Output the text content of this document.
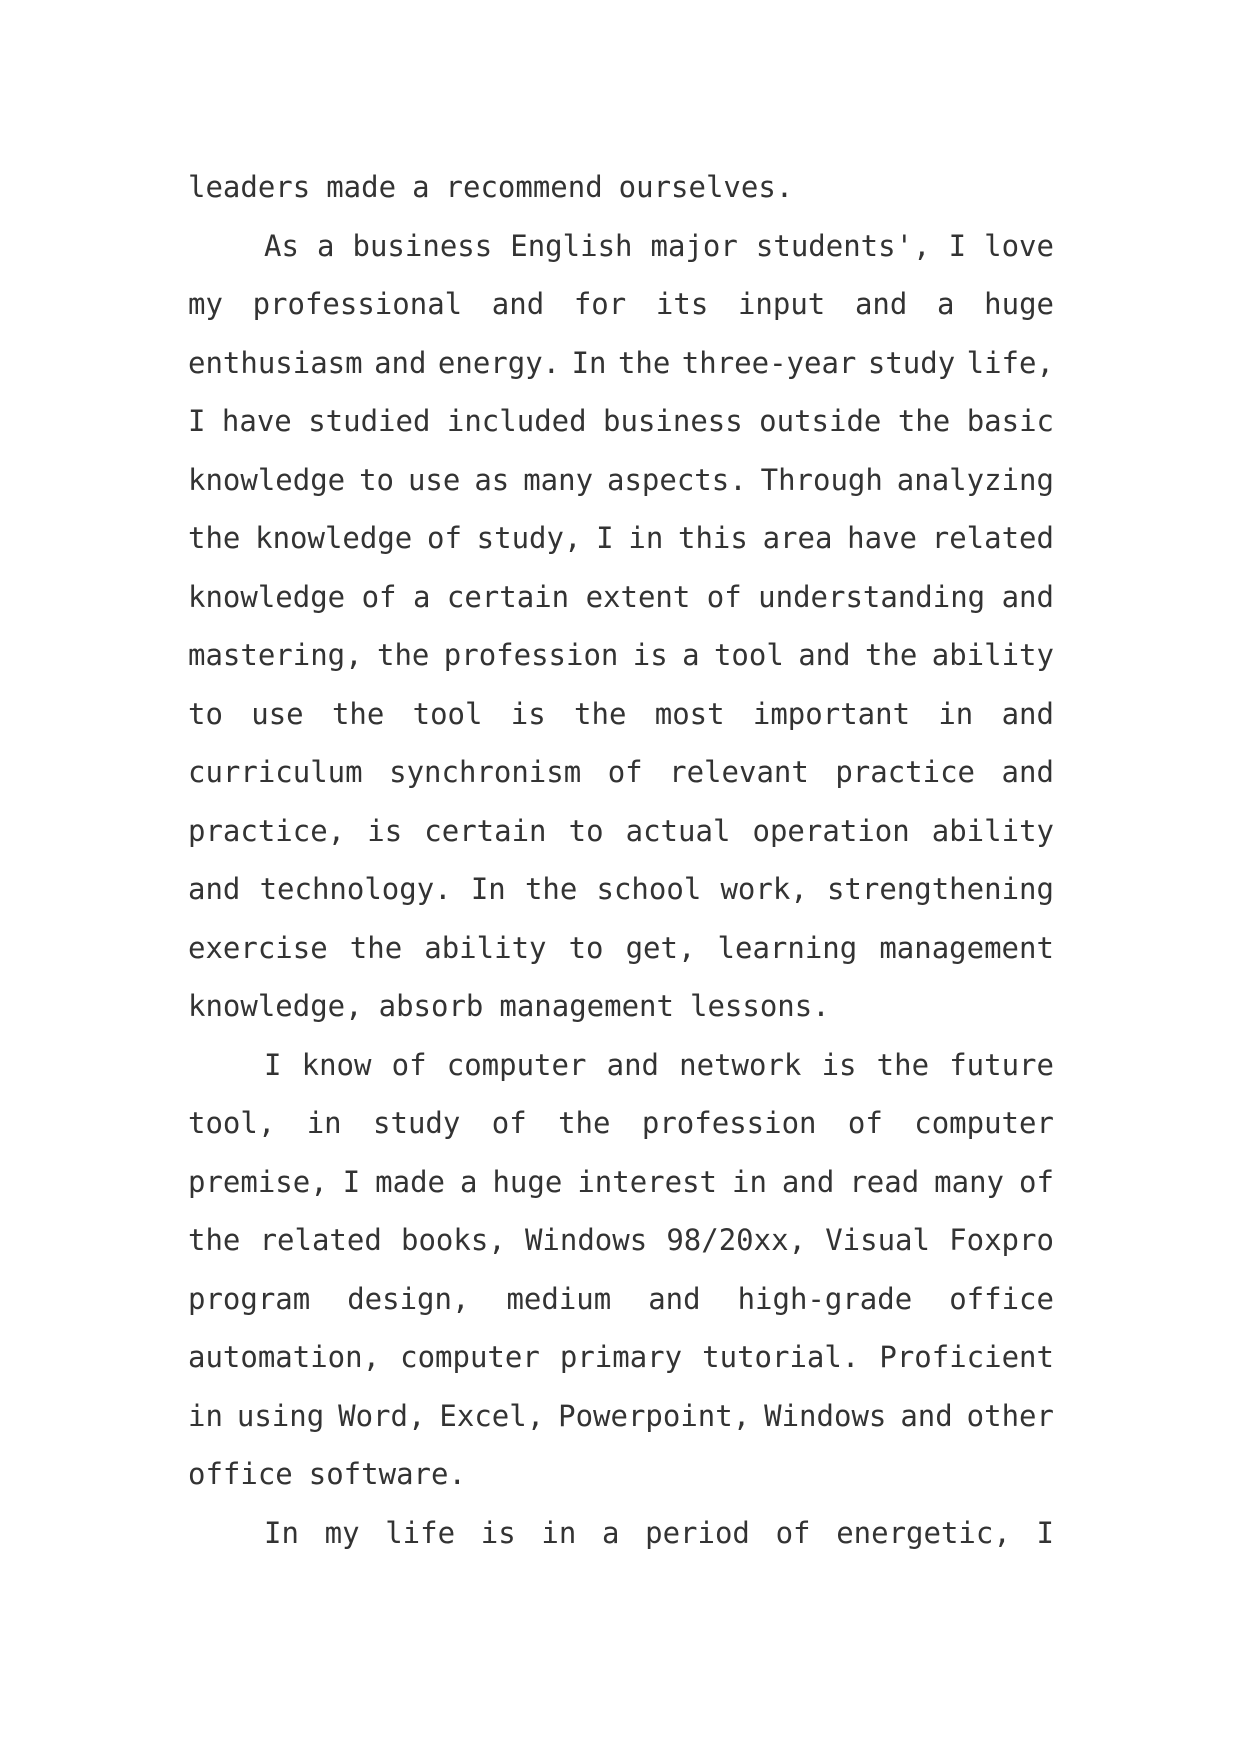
leaders made a recommend ourselves.
As a business English major students', I love
my professional and for its input and a huge
enthusiasm and energy. In the three-year study life,
I have studied included business outside the basic
knowledge to use as many aspects. Through analyzing
the knowledge of study, I in this area have related
knowledge of a certain extent of understanding and
mastering, the profession is a tool and the ability
to use the tool is the most important in and
curriculum synchronism of relevant practice and
practice, is certain to actual operation ability
and technology. In the school work, strengthening
exercise the ability to get, learning management
knowledge, absorb management lessons.
I know of computer and network is the future
tool, in study of the profession of computer
premise, I made a huge interest in and read many of
the related books, Windows 98/20xx, Visual Foxpro
program design, medium and high-grade office
automation, computer primary tutorial. Proficient
in using Word, Excel, Powerpoint, Windows and other
office software.
In my life is in a period of energetic, I
